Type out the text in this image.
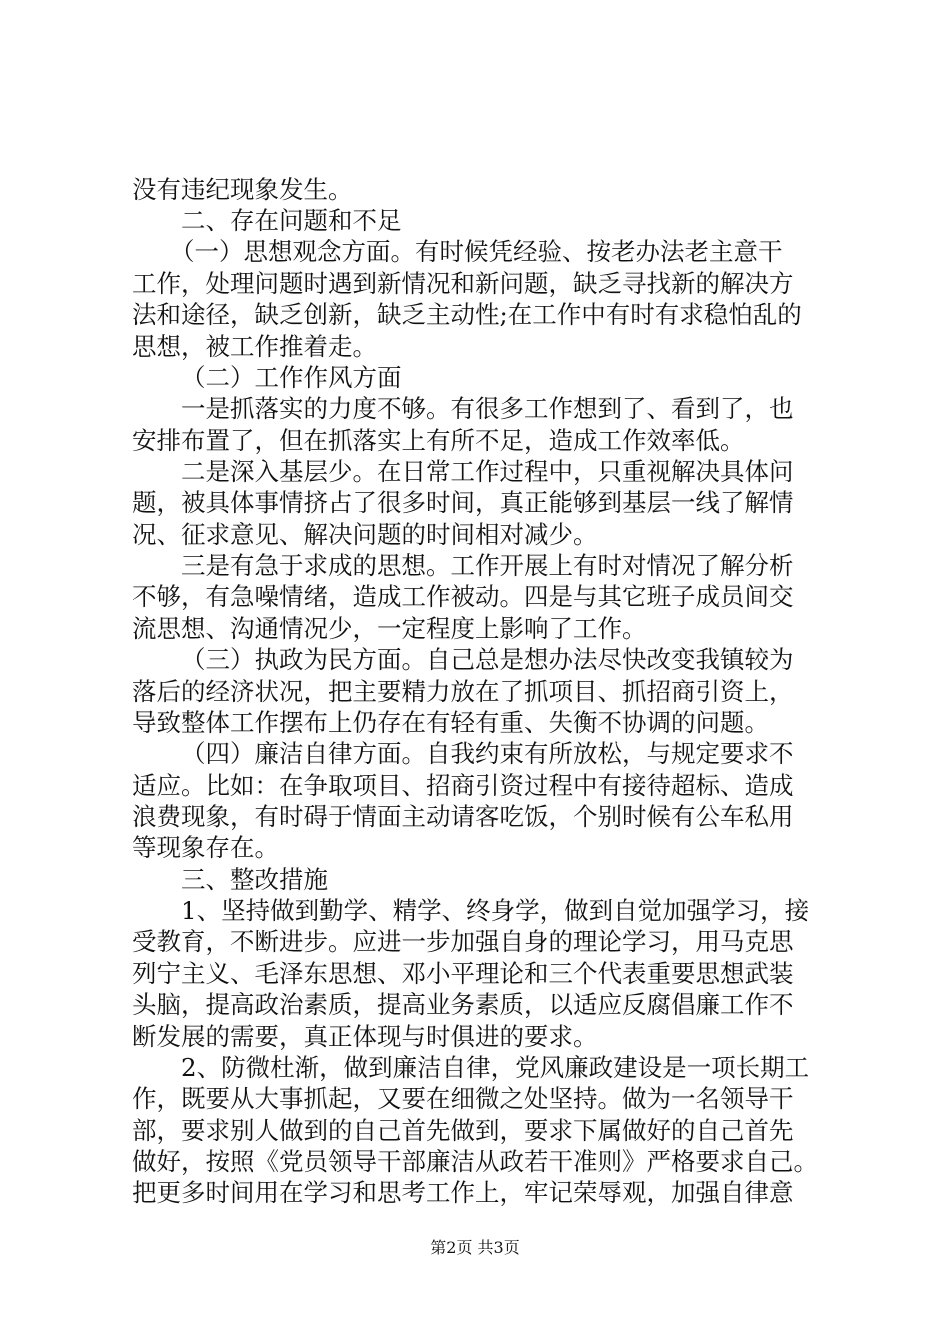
没有违纪现象发生。
二、存在问题和不足
（一）思想观念方面。有时候凭经验、按老办法老主意干
工作，处理问题时遇到新情况和新问题，缺乏寻找新的解决方
法和途径，缺乏创新，缺乏主动性;在工作中有时有求稳怕乱的
思想，被工作推着走。
（二）工作作风方面
一是抓落实的力度不够。有很多工作想到了、看到了，也
安排布置了，但在抓落实上有所不足，造成工作效率低。
二是深入基层少。在日常工作过程中，只重视解决具体问
题，被具体事情挤占了很多时间，真正能够到基层一线了解情
况、征求意见、解决问题的时间相对减少。
三是有急于求成的思想。工作开展上有时对情况了解分析
不够，有急噪情绪，造成工作被动。四是与其它班子成员间交
流思想、沟通情况少，一定程度上影响了工作。
（三）执政为民方面。自己总是想办法尽快改变我镇较为
落后的经济状况，把主要精力放在了抓项目、抓招商引资上，
导致整体工作摆布上仍存在有轻有重、失衡不协调的问题。
（四）廉洁自律方面。自我约束有所放松，与规定要求不
适应。比如：在争取项目、招商引资过程中有接待超标、造成
浪费现象，有时碍于情面主动请客吃饭，个别时候有公车私用
等现象存在。
三、整改措施
1、坚持做到勤学、精学、终身学，做到自觉加强学习，接
受教育，不断进步。应进一步加强自身的理论学习，用马克思
列宁主义、毛泽东思想、邓小平理论和三个代表重要思想武装
头脑，提高政治素质，提高业务素质，以适应反腐倡廉工作不
断发展的需要，真正体现与时俱进的要求。
2、防微杜渐，做到廉洁自律，党风廉政建设是一项长期工
作，既要从大事抓起，又要在细微之处坚持。做为一名领导干
部，要求别人做到的自己首先做到，要求下属做好的自己首先
做好，按照《党员领导干部廉洁从政若干准则》严格要求自己。
把更多时间用在学习和思考工作上，牢记荣辱观，加强自律意
第2页 共3页
